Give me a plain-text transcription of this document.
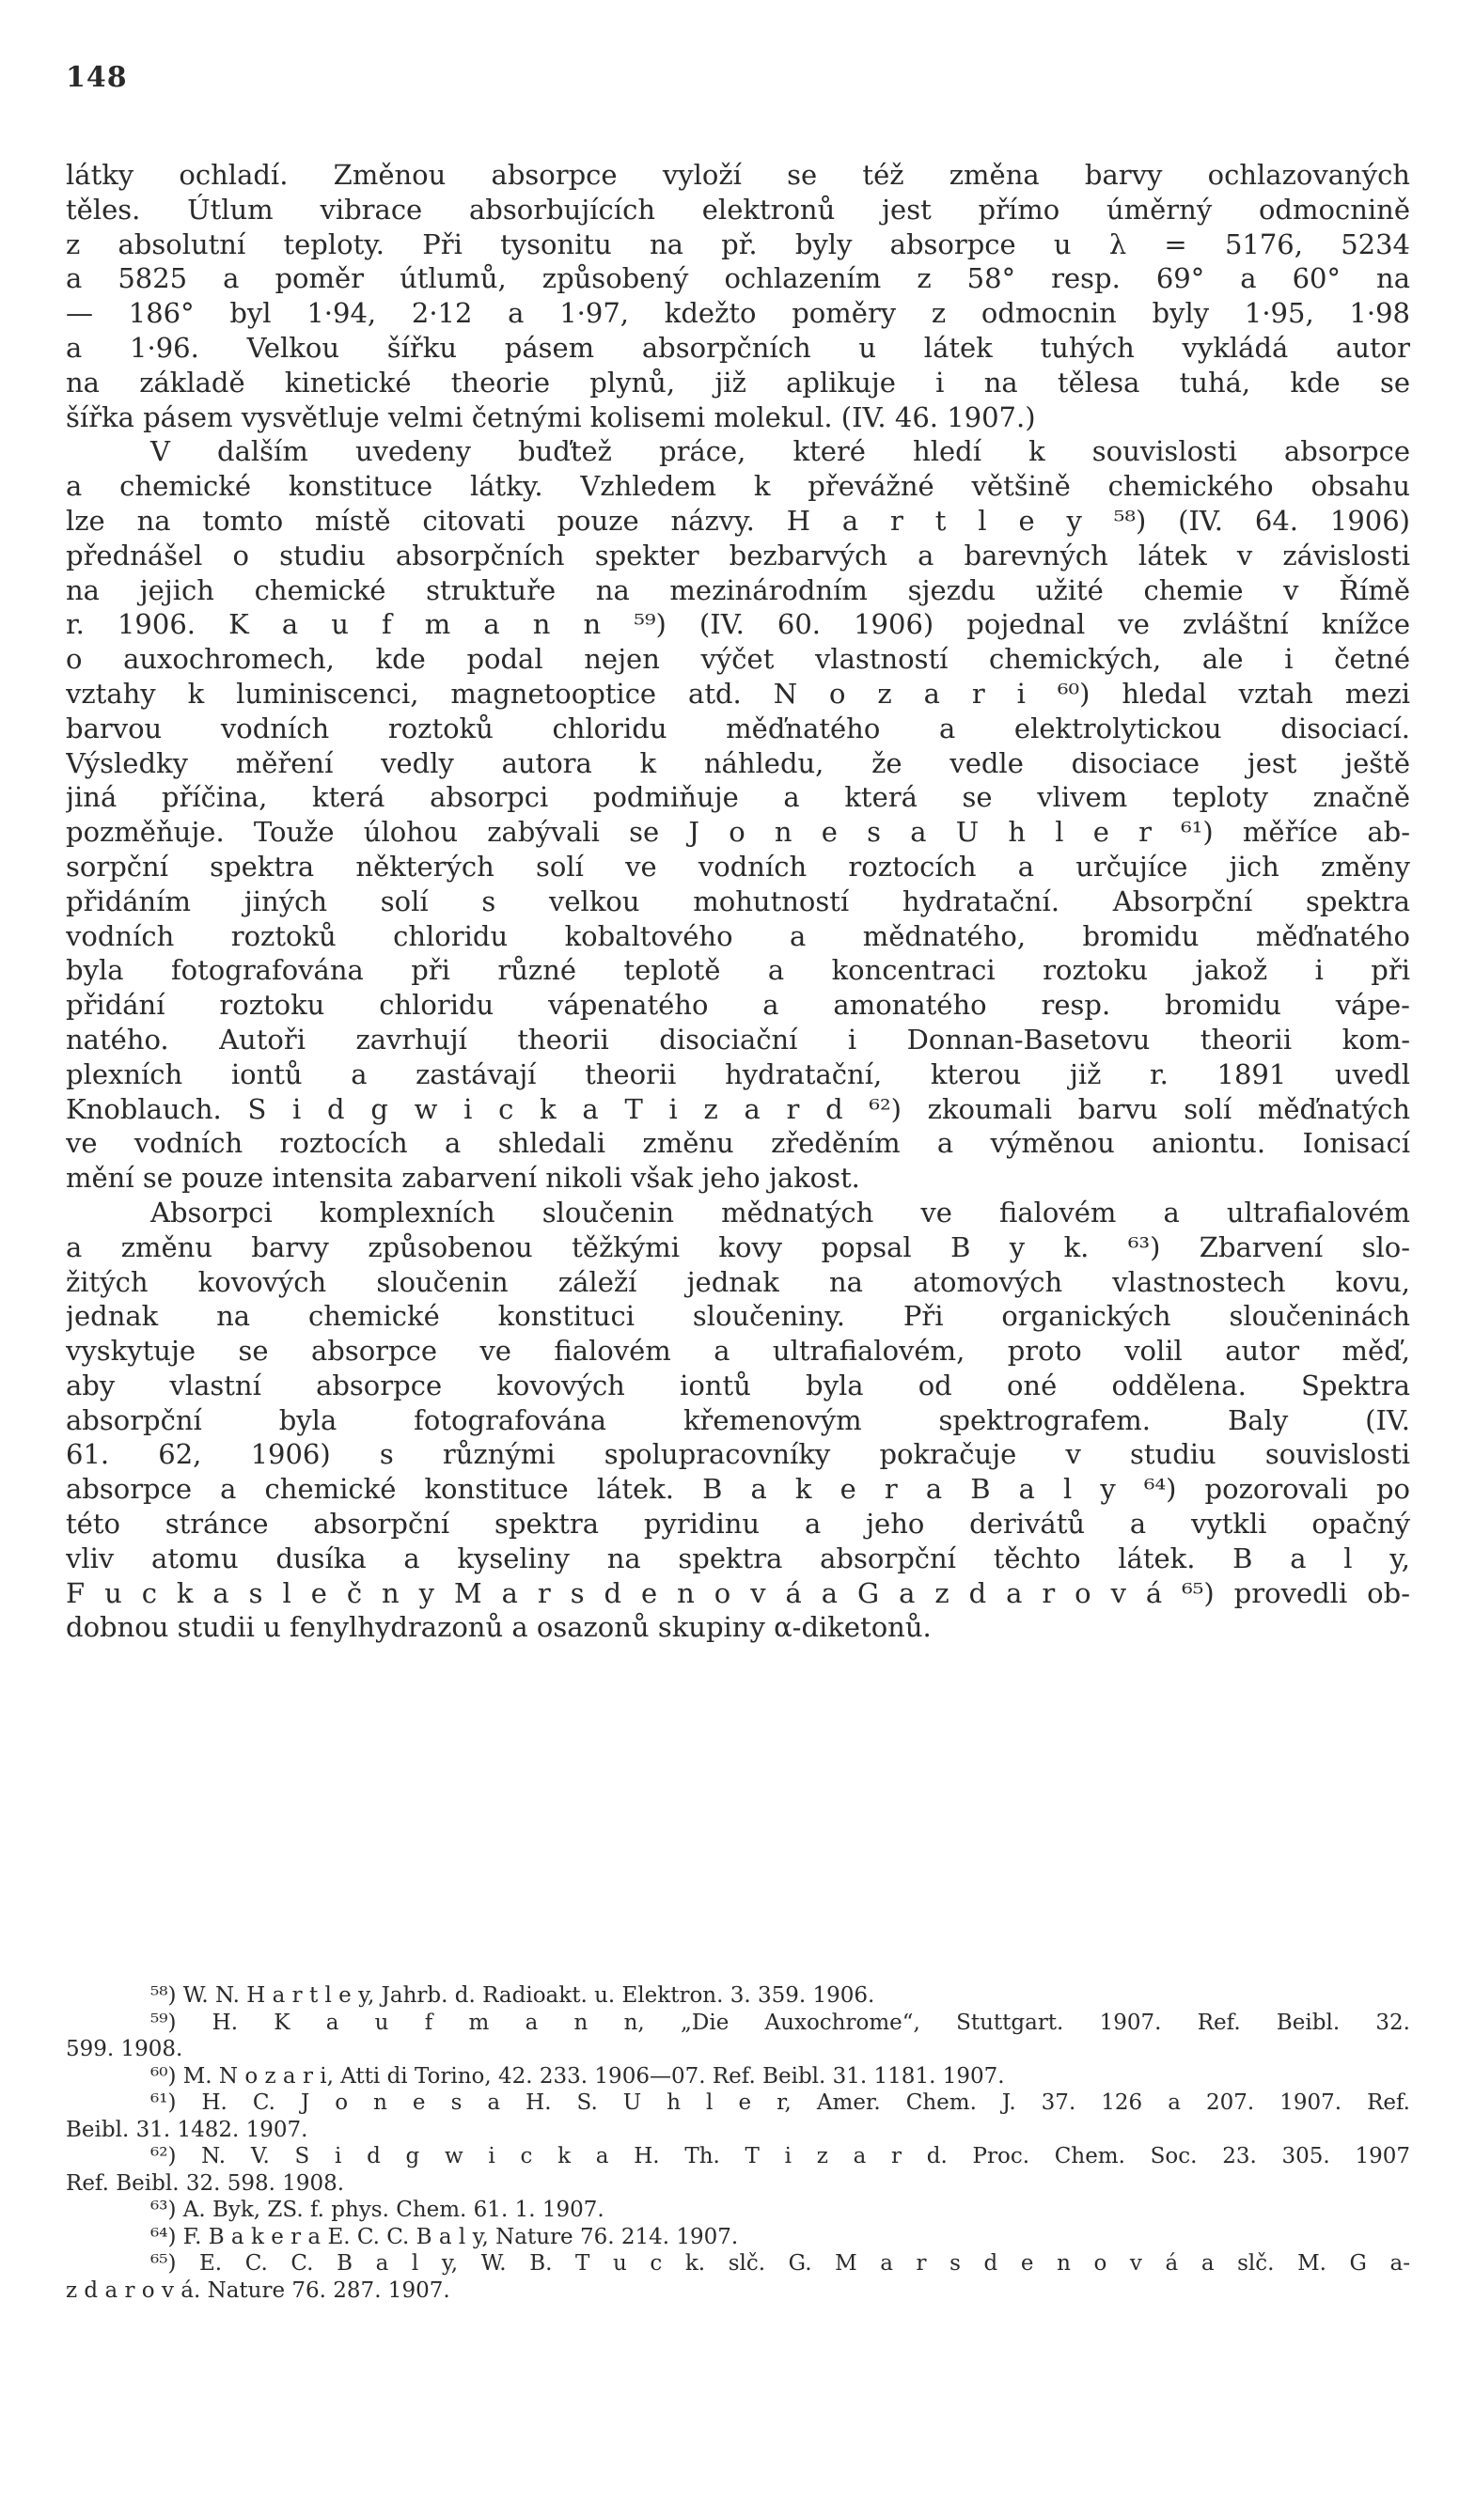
148
látky ochladí. Změnou absorpce vyloží se též změna barvy ochlazovaných
těles. Útlum vibrace absorbujících elektronů jest přímo úměrný odmocnině
z absolutní teploty. Při tysonitu na př. byly absorpce u λ = 5176, 5234
a 5825 a poměr útlumů, způsobený ochlazením z 58° resp. 69° a 60° na
— 186° byl 1·94, 2·12 a 1·97, kdežto poměry z odmocnin byly 1·95, 1·98
a 1·96. Velkou šířku pásem absorpčních u látek tuhých vykládá autor
na základě kinetické theorie plynů, již aplikuje i na tělesa tuhá, kde se
šířka pásem vysvětluje velmi četnými kolisemi molekul. (IV. 46. 1907.)
V dalším uvedeny buďtež práce, které hledí k souvislosti absorpce
a chemické konstituce látky. Vzhledem k převážné většině chemického obsahu
lze na tomto místě citovati pouze názvy. H a r t l e y ⁵⁸) (IV. 64. 1906)
přednášel o studiu absorpčních spekter bezbarvých a barevných látek v závislosti
na jejich chemické struktuře na mezinárodním sjezdu užité chemie v Římě
r. 1906. K a u f m a n n ⁵⁹) (IV. 60. 1906) pojednal ve zvláštní knížce
o auxochromech, kde podal nejen výčet vlastností chemických, ale i četné
vztahy k luminiscenci, magnetooptice atd. N o z a r i ⁶⁰) hledal vztah mezi
barvou vodních roztoků chloridu měďnatého a elektrolytickou disociací.
Výsledky měření vedly autora k náhledu, že vedle disociace jest ještě
jiná příčina, která absorpci podmiňuje a která se vlivem teploty značně
pozměňuje. Touže úlohou zabývali se J o n e s a U h l e r ⁶¹) měříce ab-
sorpční spektra některých solí ve vodních roztocích a určujíce jich změny
přidáním jiných solí s velkou mohutností hydratační. Absorpční spektra
vodních roztoků chloridu kobaltového a mědnatého, bromidu měďnatého
byla fotografována při různé teplotě a koncentraci roztoku jakož i při
přidání roztoku chloridu vápenatého a amonatého resp. bromidu vápe-
natého. Autoři zavrhují theorii disociační i Donnan-Basetovu theorii kom-
plexních iontů a zastávají theorii hydratační, kterou již r. 1891 uvedl
Knoblauch. S i d g w i c k a T i z a r d ⁶²) zkoumali barvu solí měďnatých
ve vodních roztocích a shledali změnu zředěním a výměnou aniontu. Ionisací
mění se pouze intensita zabarvení nikoli však jeho jakost.
Absorpci komplexních sloučenin mědnatých ve fialovém a ultrafialovém
a změnu barvy způsobenou těžkými kovy popsal B y k. ⁶³) Zbarvení slo-
žitých kovových sloučenin záleží jednak na atomových vlastnostech kovu,
jednak na chemické konstituci sloučeniny. Při organických sloučeninách
vyskytuje se absorpce ve fialovém a ultrafialovém, proto volil autor měď,
aby vlastní absorpce kovových iontů byla od oné oddělena. Spektra
absorpční byla fotografována křemenovým spektrografem. Baly (IV.
61. 62, 1906) s různými spolupracovníky pokračuje v studiu souvislosti
absorpce a chemické konstituce látek. B a k e r a B a l y ⁶⁴) pozorovali po
této stránce absorpční spektra pyridinu a jeho derivátů a vytkli opačný
vliv atomu dusíka a kyseliny na spektra absorpční těchto látek. B a l y,
F u c k a s l e č n y M a r s d e n o v á a G a z d a r o v á ⁶⁵) provedli ob-
dobnou studii u fenylhydrazonů a osazonů skupiny α-diketonů.
⁵⁸) W. N. H a r t l e y, Jahrb. d. Radioakt. u. Elektron. 3. 359. 1906.
⁵⁹) H. K a u f m a n n, „Die Auxochrome“, Stuttgart. 1907. Ref. Beibl. 32.
599. 1908.
⁶⁰) M. N o z a r i, Atti di Torino, 42. 233. 1906—07. Ref. Beibl. 31. 1181. 1907.
⁶¹) H. C. J o n e s a H. S. U h l e r, Amer. Chem. J. 37. 126 a 207. 1907. Ref.
Beibl. 31. 1482. 1907.
⁶²) N. V. S i d g w i c k a H. Th. T i z a r d. Proc. Chem. Soc. 23. 305. 1907
Ref. Beibl. 32. 598. 1908.
⁶³) A. Byk, ZS. f. phys. Chem. 61. 1. 1907.
⁶⁴) F. B a k e r a E. C. C. B a l y, Nature 76. 214. 1907.
⁶⁵) E. C. C. B a l y, W. B. T u c k. slč. G. M a r s d e n o v á a slč. M. G a-
z d a r o v á. Nature 76. 287. 1907.
